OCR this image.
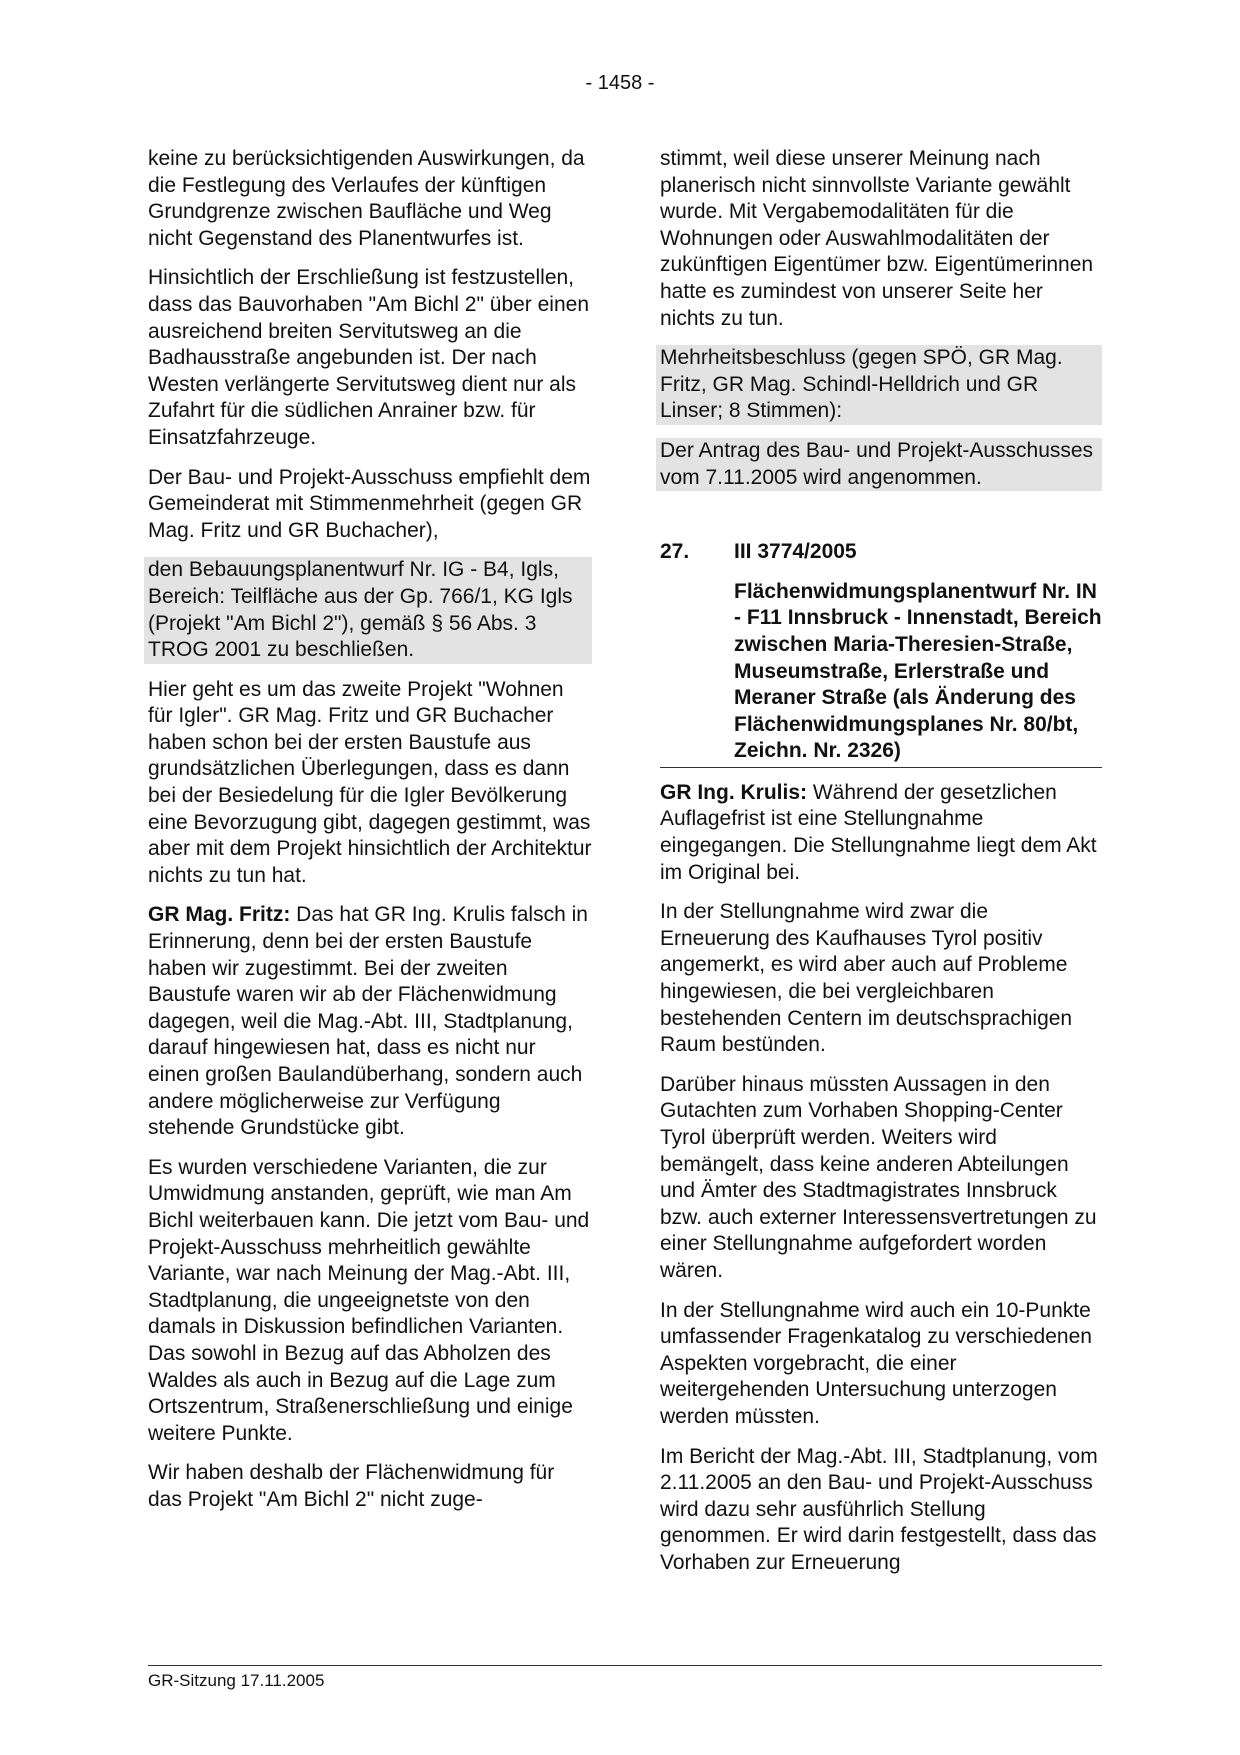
- 1458 -

keine zu berücksichtigenden Auswirkungen, da die Festlegung des Verlaufes der künftigen Grundgrenze zwischen Baufläche und Weg nicht Gegenstand des Planentwurfes ist.

Hinsichtlich der Erschließung ist festzustellen, dass das Bauvorhaben "Am Bichl 2" über einen ausreichend breiten Servitutsweg an die Badhausstraße angebunden ist. Der nach Westen verlängerte Servitutsweg dient nur als Zufahrt für die südlichen Anrainer bzw. für Einsatzfahrzeuge.

Der Bau- und Projekt-Ausschuss empfiehlt dem Gemeinderat mit Stimmenmehrheit (gegen GR Mag. Fritz und GR Buchacher),

den Bebauungsplanentwurf Nr. IG - B4, Igls, Bereich: Teilfläche aus der Gp. 766/1, KG Igls (Projekt "Am Bichl 2"), gemäß § 56 Abs. 3 TROG 2001 zu beschließen.

Hier geht es um das zweite Projekt "Wohnen für Igler". GR Mag. Fritz und GR Buchacher haben schon bei der ersten Baustufe aus grundsätzlichen Überlegungen, dass es dann bei der Besiedelung für die Igler Bevölkerung eine Bevorzugung gibt, dagegen gestimmt, was aber mit dem Projekt hinsichtlich der Architektur nichts zu tun hat.

GR Mag. Fritz: Das hat GR Ing. Krulis falsch in Erinnerung, denn bei der ersten Baustufe haben wir zugestimmt. Bei der zweiten Baustufe waren wir ab der Flächenwidmung dagegen, weil die Mag.-Abt. III, Stadtplanung, darauf hingewiesen hat, dass es nicht nur einen großen Baulandüberhang, sondern auch andere möglicherweise zur Verfügung stehende Grundstücke gibt.

Es wurden verschiedene Varianten, die zur Umwidmung anstanden, geprüft, wie man Am Bichl weiterbauen kann. Die jetzt vom Bau- und Projekt-Ausschuss mehrheitlich gewählte Variante, war nach Meinung der Mag.-Abt. III, Stadtplanung, die ungeeignetste von den damals in Diskussion befindlichen Varianten. Das sowohl in Bezug auf das Abholzen des Waldes als auch in Bezug auf die Lage zum Ortszentrum, Straßenerschließung und einige weitere Punkte.

Wir haben deshalb der Flächenwidmung für das Projekt "Am Bichl 2" nicht zuge-

stimmt, weil diese unserer Meinung nach planerisch nicht sinnvollste Variante gewählt wurde. Mit Vergabemodalitäten für die Wohnungen oder Auswahlmodalitäten der zukünftigen Eigentümer bzw. Eigentümerinnen hatte es zumindest von unserer Seite her nichts zu tun.

Mehrheitsbeschluss (gegen SPÖ, GR Mag. Fritz, GR Mag. Schindl-Helldrich und GR Linser; 8 Stimmen):

Der Antrag des Bau- und Projekt-Ausschusses vom 7.11.2005 wird angenommen.

27.	III 3774/2005
Flächenwidmungsplanentwurf Nr. IN - F11 Innsbruck - Innenstadt, Bereich zwischen Maria-Theresien-Straße, Museumstraße, Erlerstraße und Meraner Straße (als Änderung des Flächenwidmungsplanes Nr. 80/bt, Zeichn. Nr. 2326)

GR Ing. Krulis: Während der gesetzlichen Auflagefrist ist eine Stellungnahme eingegangen. Die Stellungnahme liegt dem Akt im Original bei.

In der Stellungnahme wird zwar die Erneuerung des Kaufhauses Tyrol positiv angemerkt, es wird aber auch auf Probleme hingewiesen, die bei vergleichbaren bestehenden Centern im deutschsprachigen Raum bestünden.

Darüber hinaus müssten Aussagen in den Gutachten zum Vorhaben Shopping-Center Tyrol überprüft werden. Weiters wird bemängelt, dass keine anderen Abteilungen und Ämter des Stadtmagistrates Innsbruck bzw. auch externer Interessensvertretungen zu einer Stellungnahme aufgefordert worden wären.

In der Stellungnahme wird auch ein 10-Punkte umfassender Fragenkatalog zu verschiedenen Aspekten vorgebracht, die einer weitergehenden Untersuchung unterzogen werden müssten.

Im Bericht der Mag.-Abt. III, Stadtplanung, vom 2.11.2005 an den Bau- und Projekt-Ausschuss wird dazu sehr ausführlich Stellung genommen. Er wird darin festgestellt, dass das Vorhaben zur Erneuerung

GR-Sitzung 17.11.2005
